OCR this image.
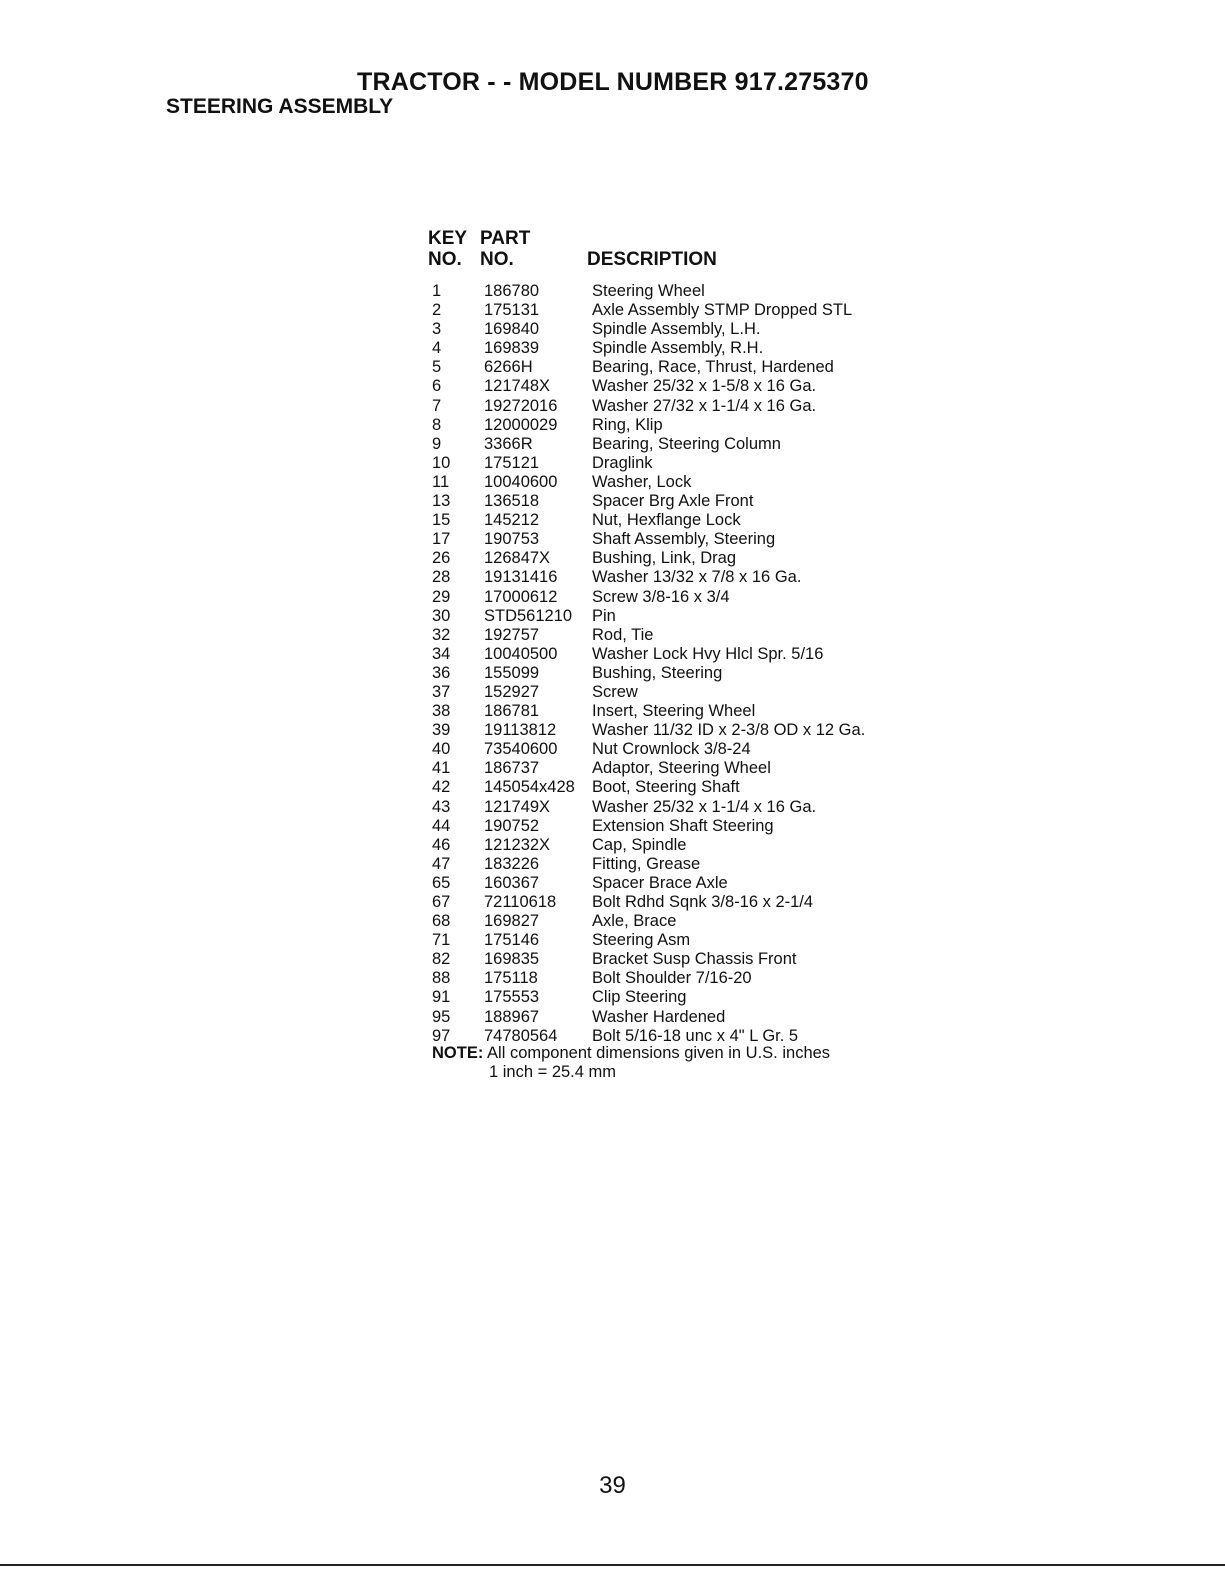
TRACTOR - - MODEL NUMBER 917.275370
STEERING ASSEMBLY
KEY
NO.
PART
NO.	DESCRIPTION
1	186780	Steering Wheel
2	175131	Axle Assembly STMP Dropped STL
3	169840	Spindle Assembly, L.H.
4	169839	Spindle Assembly, R.H.
5	6266H	Bearing, Race, Thrust, Hardened
6	121748X	Washer 25/32 x 1-5/8 x 16 Ga.
7	19272016 Washer 27/32 x 1-1/4 x 16 Ga.
8	12000029 Ring, Klip
9	3366R	Bearing, Steering Column
10 175121	Draglink
11 10040600 Washer, Lock
13 136518	Spacer Brg Axle Front
15 145212	Nut, Hexflange Lock
17 190753	Shaft Assembly, Steering
26 126847X	Bushing, Link, Drag
28 19131416 Washer 13/32 x 7/8 x 16 Ga.
29 17000612 Screw 3/8-16 x 3/4
30 STD561210 Pin
32 192757	Rod, Tie
34 10040500 Washer Lock Hvy Hlcl Spr. 5/16
36 155099	Bushing, Steering
37 152927	Screw
38 186781	Insert, Steering Wheel
39 19113812 Washer 11/32 ID x 2-3/8 OD x 12 Ga.
40 73540600 Nut Crownlock 3/8-24
41 186737	Adaptor, Steering Wheel
42 145054x428 Boot, Steering Shaft
43 121749X	Washer 25/32 x 1-1/4 x 16 Ga.
44 190752	Extension Shaft Steering
46 121232X	Cap, Spindle
47 183226	Fitting, Grease
65 160367	Spacer Brace Axle
67 72110618 Bolt Rdhd Sqnk 3/8-16 x 2-1/4
68 169827	Axle, Brace
71 175146	Steering Asm
82 169835	Bracket Susp Chassis Front
88 175118	Bolt Shoulder 7/16-20
91 175553	Clip Steering
95 188967	Washer Hardened
97 74780564 Bolt 5/16-18 unc x 4" L Gr. 5
NOTE: All component dimensions given in U.S. inches
1 inch = 25.4 mm
39
